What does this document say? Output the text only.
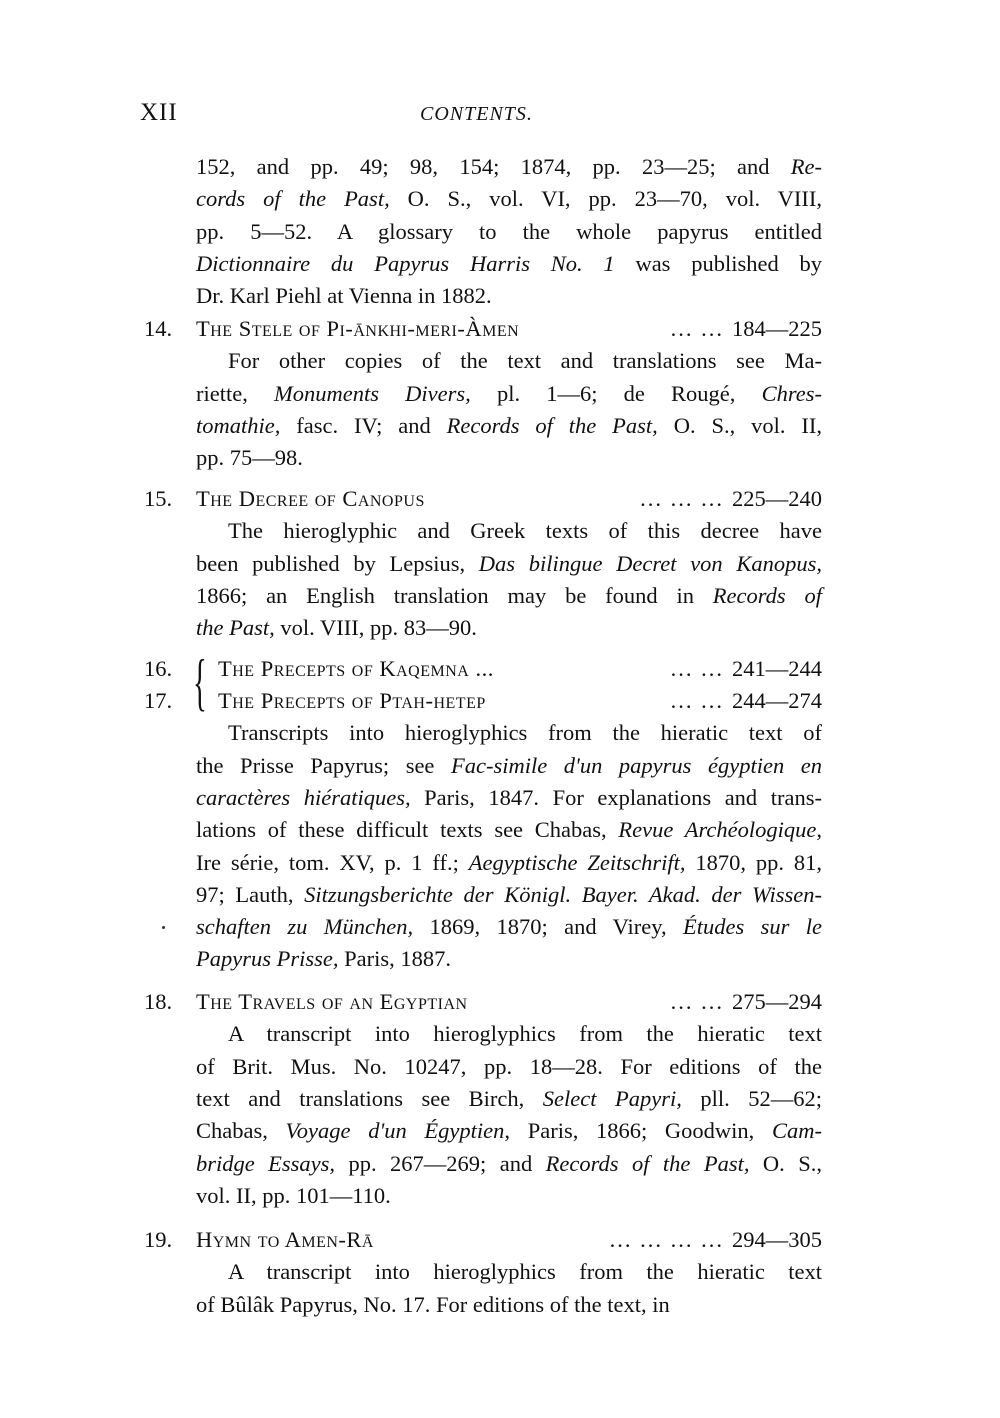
XII	CONTENTS.
152, and pp. 49; 98, 154; 1874, pp. 23—25; and Re-
cords of the Past, O. S., vol. VI, pp. 23—70, vol. VIII,
pp. 5—52. A glossary to the whole papyrus entitled
Dictionnaire du Papyrus Harris No. 1 was published by
Dr. Karl Piehl at Vienna in 1882.
14. The Stele of Pi-ānkhi-meri-Àmen	... ... 184—225
For other copies of the text and translations see Ma-
riette, Monuments Divers, pl. 1—6; de Rougé, Chres-
tomathie, fasc. IV; and Records of the Past, O. S., vol. II,
pp. 75—98.
15. The Decree of Canopus	... ... ... 225—240
The hieroglyphic and Greek texts of this decree have
been published by Lepsius, Das bilingue Decret von Kanopus,
1866; an English translation may be found in Records of
the Past, vol. VIII, pp. 83—90.
16. The Precepts of Kaqemna ...	... ... 241—244
17. The Precepts of Ptah-hetep	... ... 244—274
Transcripts into hieroglyphics from the hieratic text of
the Prisse Papyrus; see Fac-simile d'un papyrus égyptien en
caractères hiératiques, Paris, 1847. For explanations and trans-
lations of these difficult texts see Chabas, Revue Archéologique,
Ire série, tom. XV, p. 1 ff.; Aegyptische Zeitschrift, 1870, pp. 81,
97; Lauth, Sitzungsberichte der Königl. Bayer. Akad. der Wissen-
schaften zu München, 1869, 1870; and Virey, Études sur le
Papyrus Prisse, Paris, 1887.
18. The Travels of an Egyptian	... ... 275—294
A transcript into hieroglyphics from the hieratic text
of Brit. Mus. No. 10247, pp. 18—28. For editions of the
text and translations see Birch, Select Papyri, pll. 52—62;
Chabas, Voyage d'un Égyptien, Paris, 1866; Goodwin, Cam-
bridge Essays, pp. 267—269; and Records of the Past, O. S.,
vol. II, pp. 101—110.
19. Hymn to Amen-Rā	... ... ... ... 294—305
A transcript into hieroglyphics from the hieratic text
of Bûlâk Papyrus, No. 17. For editions of the text, in
{
